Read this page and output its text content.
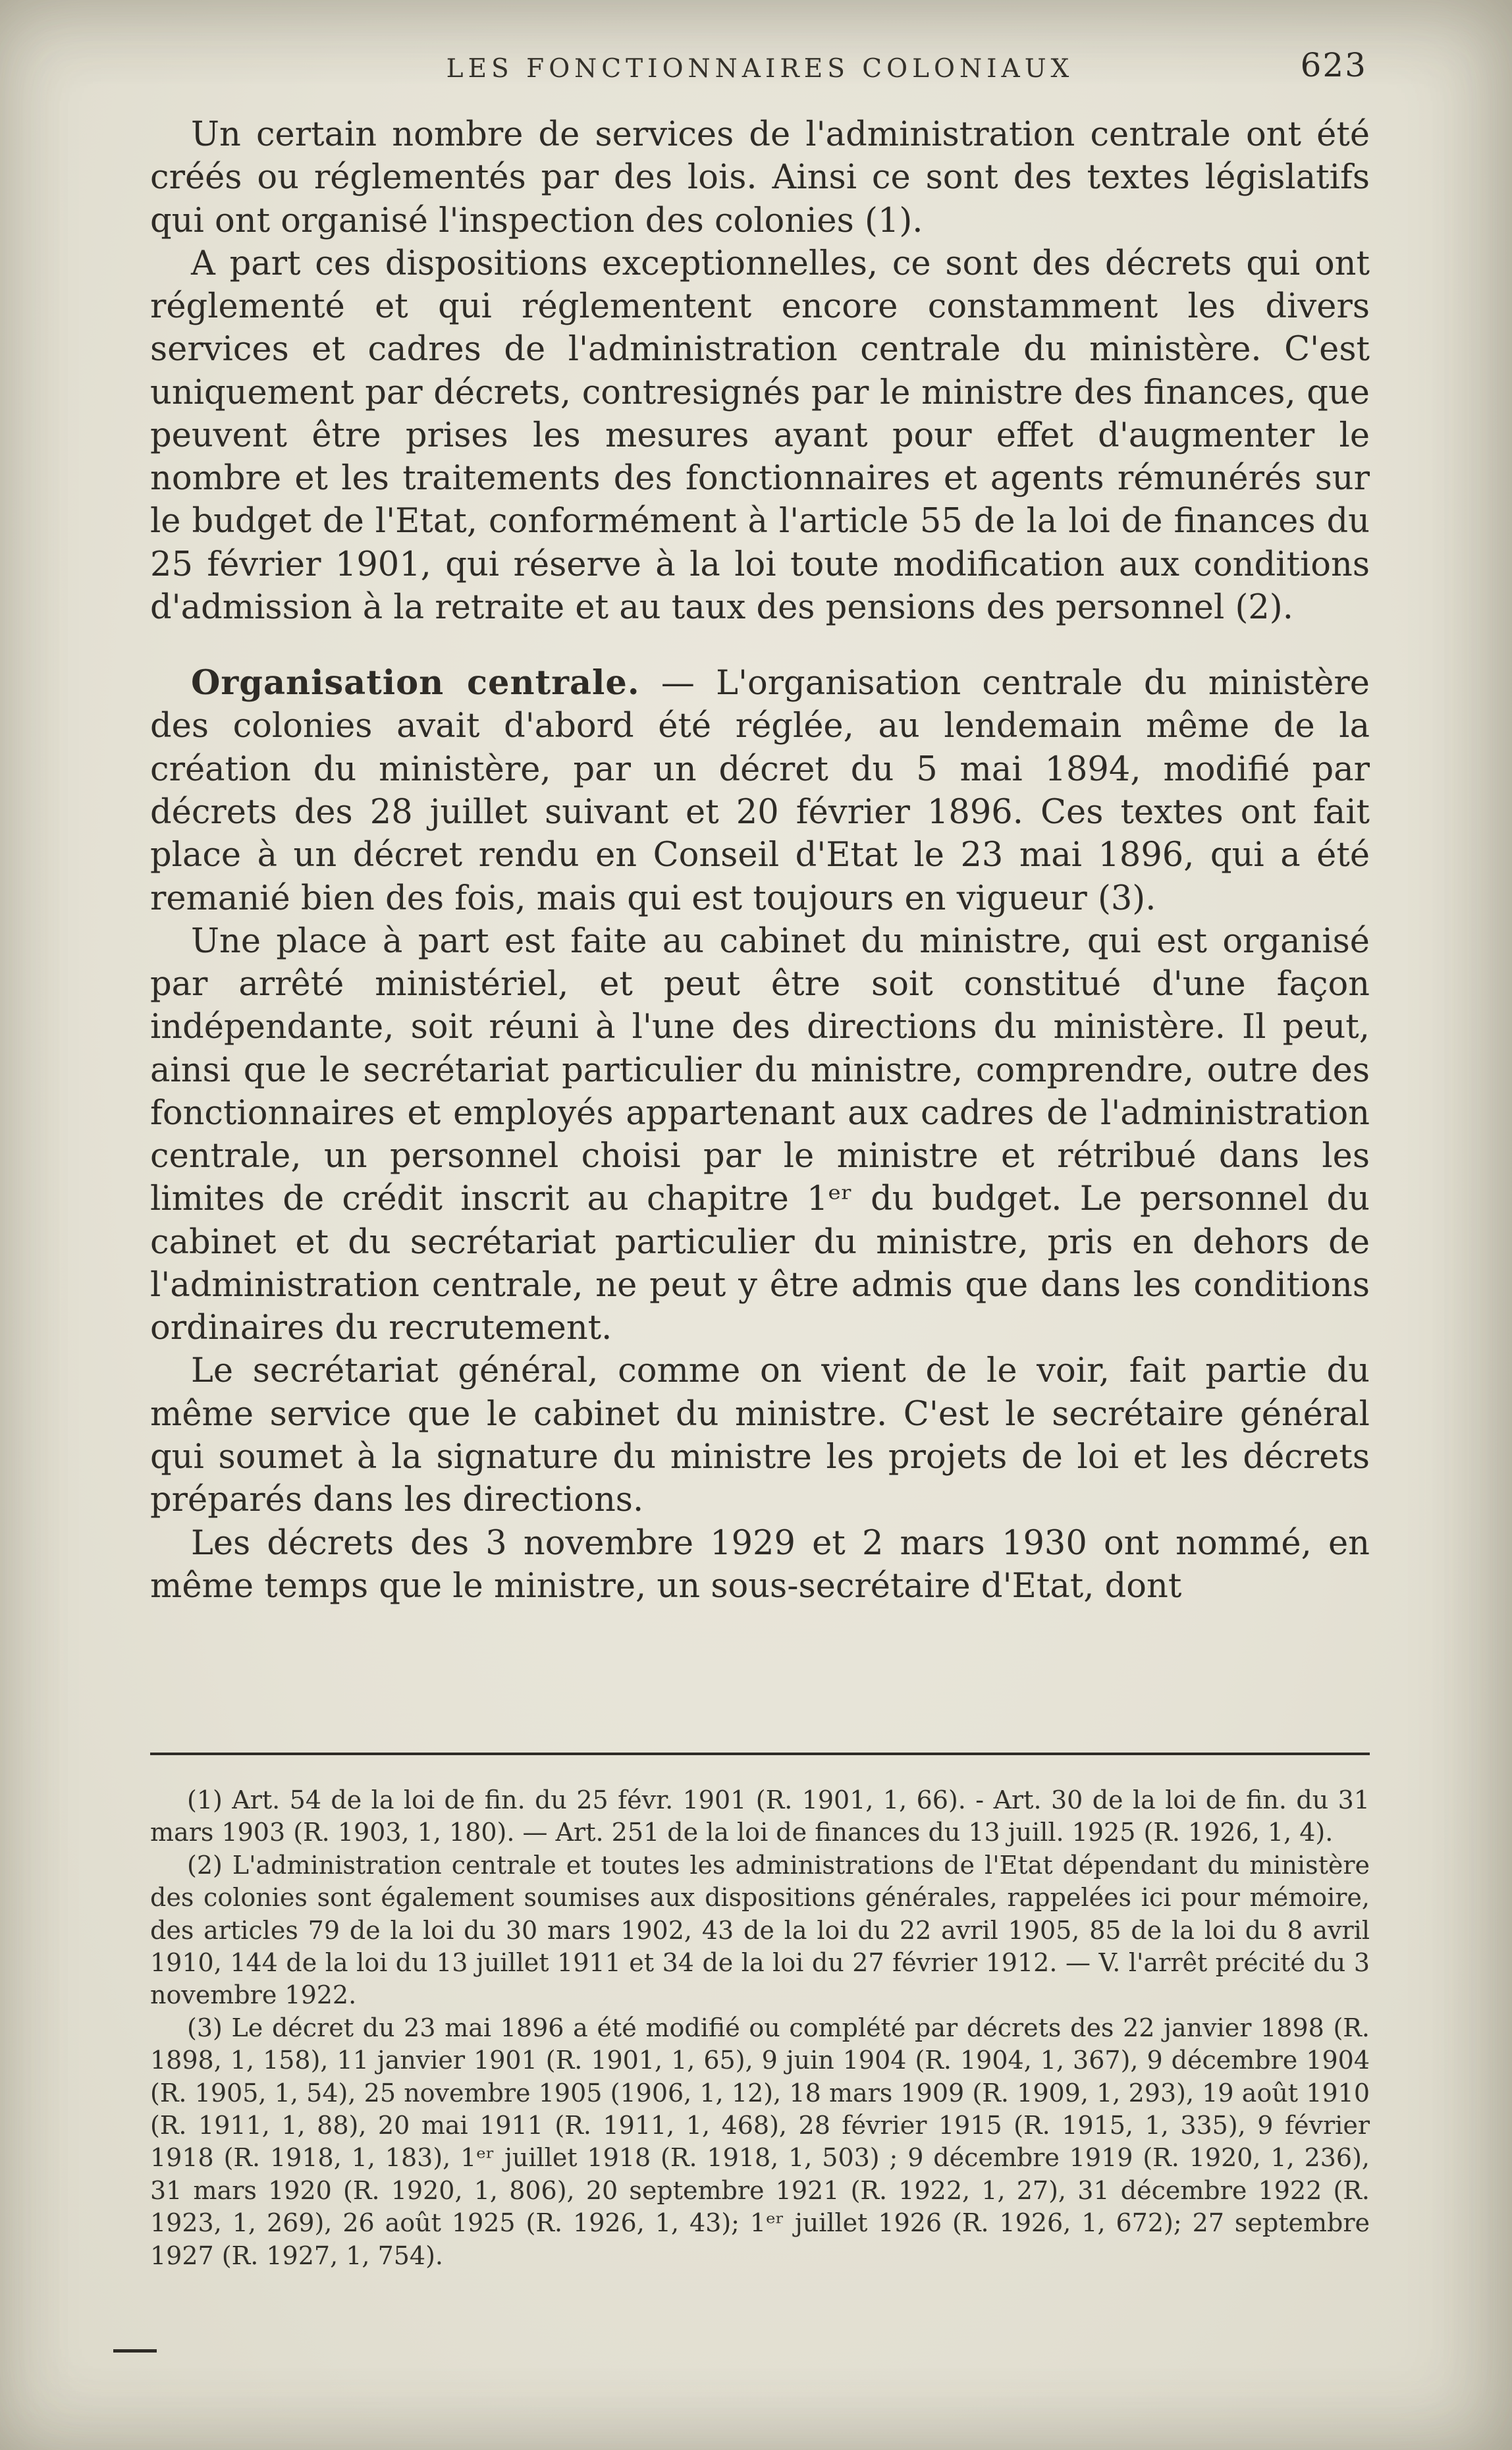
LES FONCTIONNAIRES COLONIAUX	623

Un certain nombre de services de l'administration centrale ont été créés ou réglementés par des lois. Ainsi ce sont des textes législatifs qui ont organisé l'inspection des colonies (1).

A part ces dispositions exceptionnelles, ce sont des décrets qui ont réglementé et qui réglementent encore constamment les divers services et cadres de l'administration centrale du ministère. C'est uniquement par décrets, contresignés par le ministre des finances, que peuvent être prises les mesures ayant pour effet d'augmenter le nombre et les traitements des fonctionnaires et agents rémunérés sur le budget de l'Etat, conformément à l'article 55 de la loi de finances du 25 février 1901, qui réserve à la loi toute modification aux conditions d'admission à la retraite et au taux des pensions des personnel (2).

Organisation centrale. — L'organisation centrale du ministère des colonies avait d'abord été réglée, au lendemain même de la création du ministère, par un décret du 5 mai 1894, modifié par décrets des 28 juillet suivant et 20 février 1896. Ces textes ont fait place à un décret rendu en Conseil d'Etat le 23 mai 1896, qui a été remanié bien des fois, mais qui est toujours en vigueur (3).

Une place à part est faite au cabinet du ministre, qui est organisé par arrêté ministériel, et peut être soit constitué d'une façon indépendante, soit réuni à l'une des directions du ministère. Il peut, ainsi que le secrétariat particulier du ministre, comprendre, outre des fonctionnaires et employés appartenant aux cadres de l'administration centrale, un personnel choisi par le ministre et rétribué dans les limites de crédit inscrit au chapitre 1ᵉʳ du budget. Le personnel du cabinet et du secrétariat particulier du ministre, pris en dehors de l'administration centrale, ne peut y être admis que dans les conditions ordinaires du recrutement.

Le secrétariat général, comme on vient de le voir, fait partie du même service que le cabinet du ministre. C'est le secrétaire général qui soumet à la signature du ministre les projets de loi et les décrets préparés dans les directions.

Les décrets des 3 novembre 1929 et 2 mars 1930 ont nommé, en même temps que le ministre, un sous-secrétaire d'Etat, dont

(1) Art. 54 de la loi de fin. du 25 févr. 1901 (R. 1901, 1, 66). - Art. 30 de la loi de fin. du 31 mars 1903 (R. 1903, 1, 180). — Art. 251 de la loi de finances du 13 juill. 1925 (R. 1926, 1, 4).

(2) L'administration centrale et toutes les administrations de l'Etat dépendant du ministère des colonies sont également soumises aux dispositions générales, rappelées ici pour mémoire, des articles 79 de la loi du 30 mars 1902, 43 de la loi du 22 avril 1905, 85 de la loi du 8 avril 1910, 144 de la loi du 13 juillet 1911 et 34 de la loi du 27 février 1912. — V. l'arrêt précité du 3 novembre 1922.

(3) Le décret du 23 mai 1896 a été modifié ou complété par décrets des 22 janvier 1898 (R. 1898, 1, 158), 11 janvier 1901 (R. 1901, 1, 65), 9 juin 1904 (R. 1904, 1, 367), 9 décembre 1904 (R. 1905, 1, 54), 25 novembre 1905 (1906, 1, 12), 18 mars 1909 (R. 1909, 1, 293), 19 août 1910 (R. 1911, 1, 88), 20 mai 1911 (R. 1911, 1, 468), 28 février 1915 (R. 1915, 1, 335), 9 février 1918 (R. 1918, 1, 183), 1ᵉʳ juillet 1918 (R. 1918, 1, 503) ; 9 décembre 1919 (R. 1920, 1, 236), 31 mars 1920 (R. 1920, 1, 806), 20 septembre 1921 (R. 1922, 1, 27), 31 décembre 1922 (R. 1923, 1, 269), 26 août 1925 (R. 1926, 1, 43); 1ᵉʳ juillet 1926 (R. 1926, 1, 672); 27 septembre 1927 (R. 1927, 1, 754).
